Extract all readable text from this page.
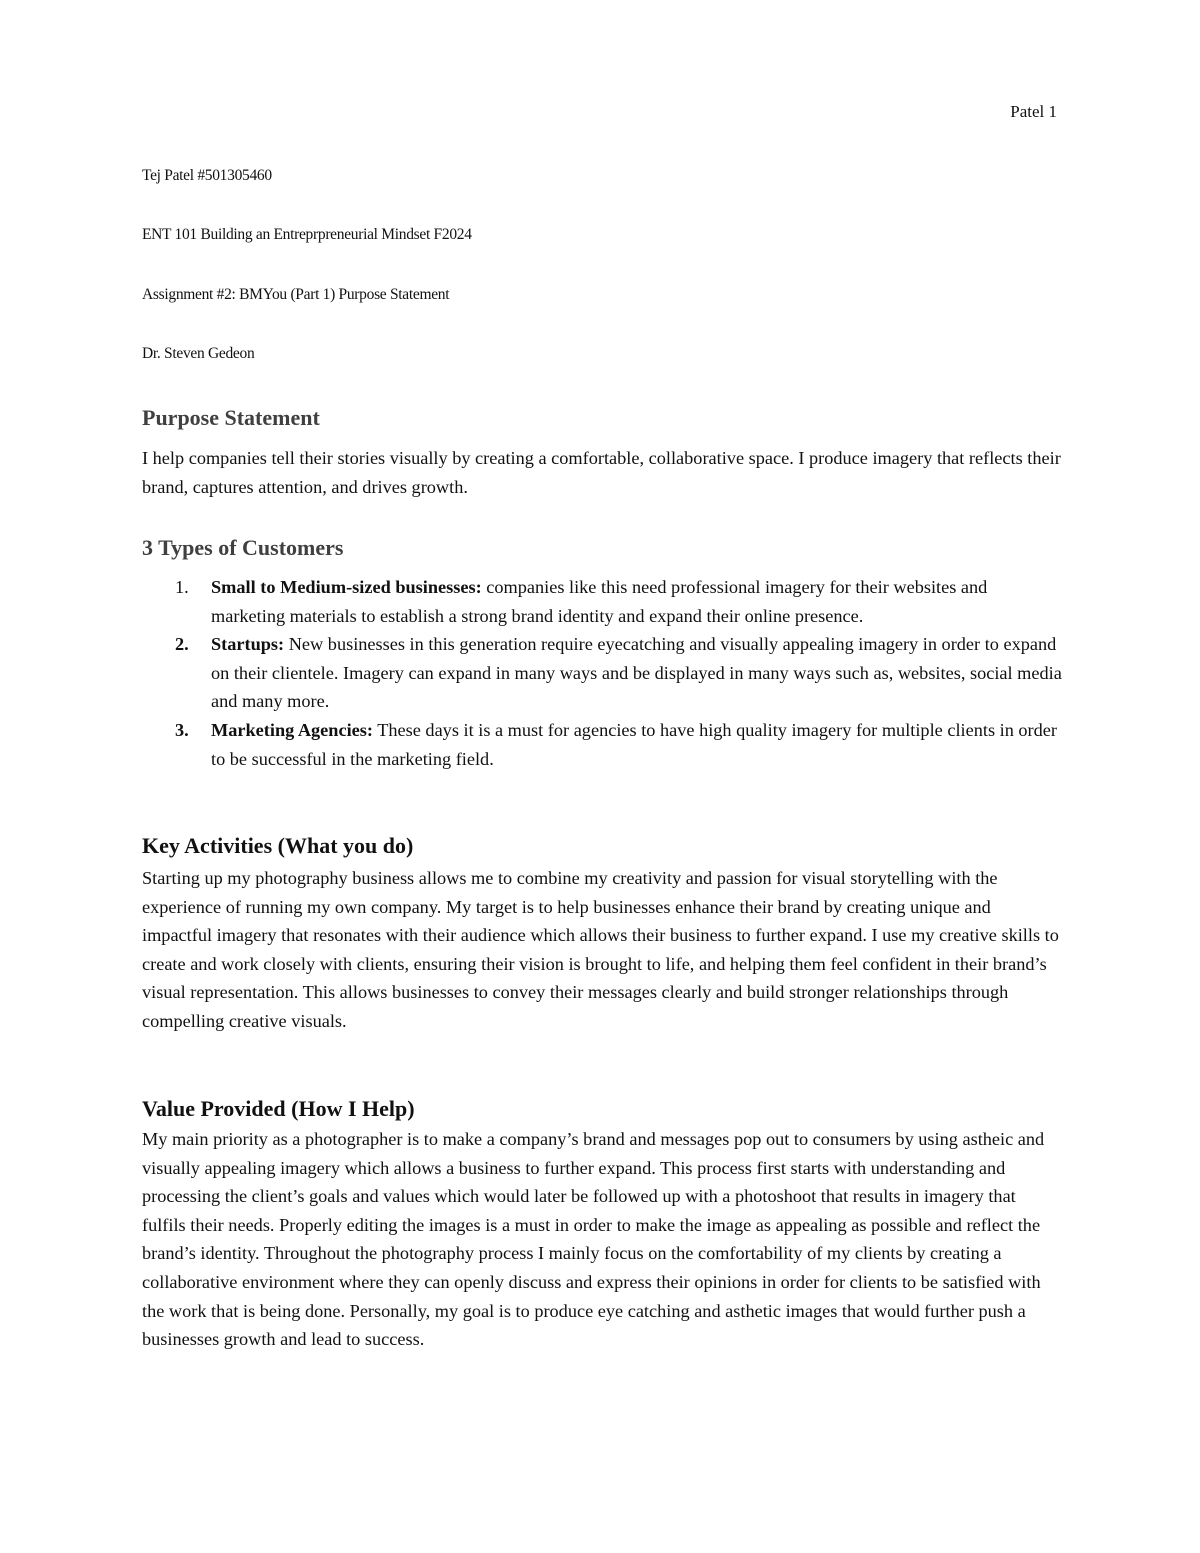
Patel 1
Tej Patel #501305460
ENT 101 Building an Entreprpreneurial Mindset F2024
Assignment #2: BMYou (Part 1) Purpose Statement
Dr. Steven Gedeon
Purpose Statement

I help companies tell their stories visually by creating a comfortable, collaborative space. I produce imagery that reflects their brand, captures attention, and drives growth.

3 Types of Customers
1. Small to Medium-sized businesses: companies like this need professional imagery for their websites and marketing materials to establish a strong brand identity and expand their online presence.
2. Startups: New businesses in this generation require eyecatching and visually appealing imagery in order to expand on their clientele. Imagery can expand in many ways and be displayed in many ways such as, websites, social media and many more.
3. Marketing Agencies: These days it is a must for agencies to have high quality imagery for multiple clients in order to be successful in the marketing field.
Key Activities (What you do)

Starting up my photography business allows me to combine my creativity and passion for visual storytelling with the experience of running my own company. My target is to help businesses enhance their brand by creating unique and impactful imagery that resonates with their audience which allows their business to further expand. I use my creative skills to create and work closely with clients, ensuring their vision is brought to life, and helping them feel confident in their brand’s visual representation. This allows businesses to convey their messages clearly and build stronger relationships through compelling creative visuals.

Value Provided (How I Help)

My main priority as a photographer is to make a company’s brand and messages pop out to consumers by using astheic and visually appealing imagery which allows a business to further expand. This process first starts with understanding and processing the client’s goals and values which would later be followed up with a photoshoot that results in imagery that fulfils their needs. Properly editing the images is a must in order to make the image as appealing as possible and reflect the brand’s identity. Throughout the photography process I mainly focus on the comfortability of my clients by creating a collaborative environment where they can openly discuss and express their opinions in order for clients to be satisfied with the work that is being done. Personally, my goal is to produce eye catching and asthetic images that would further push a businesses growth and lead to success.
